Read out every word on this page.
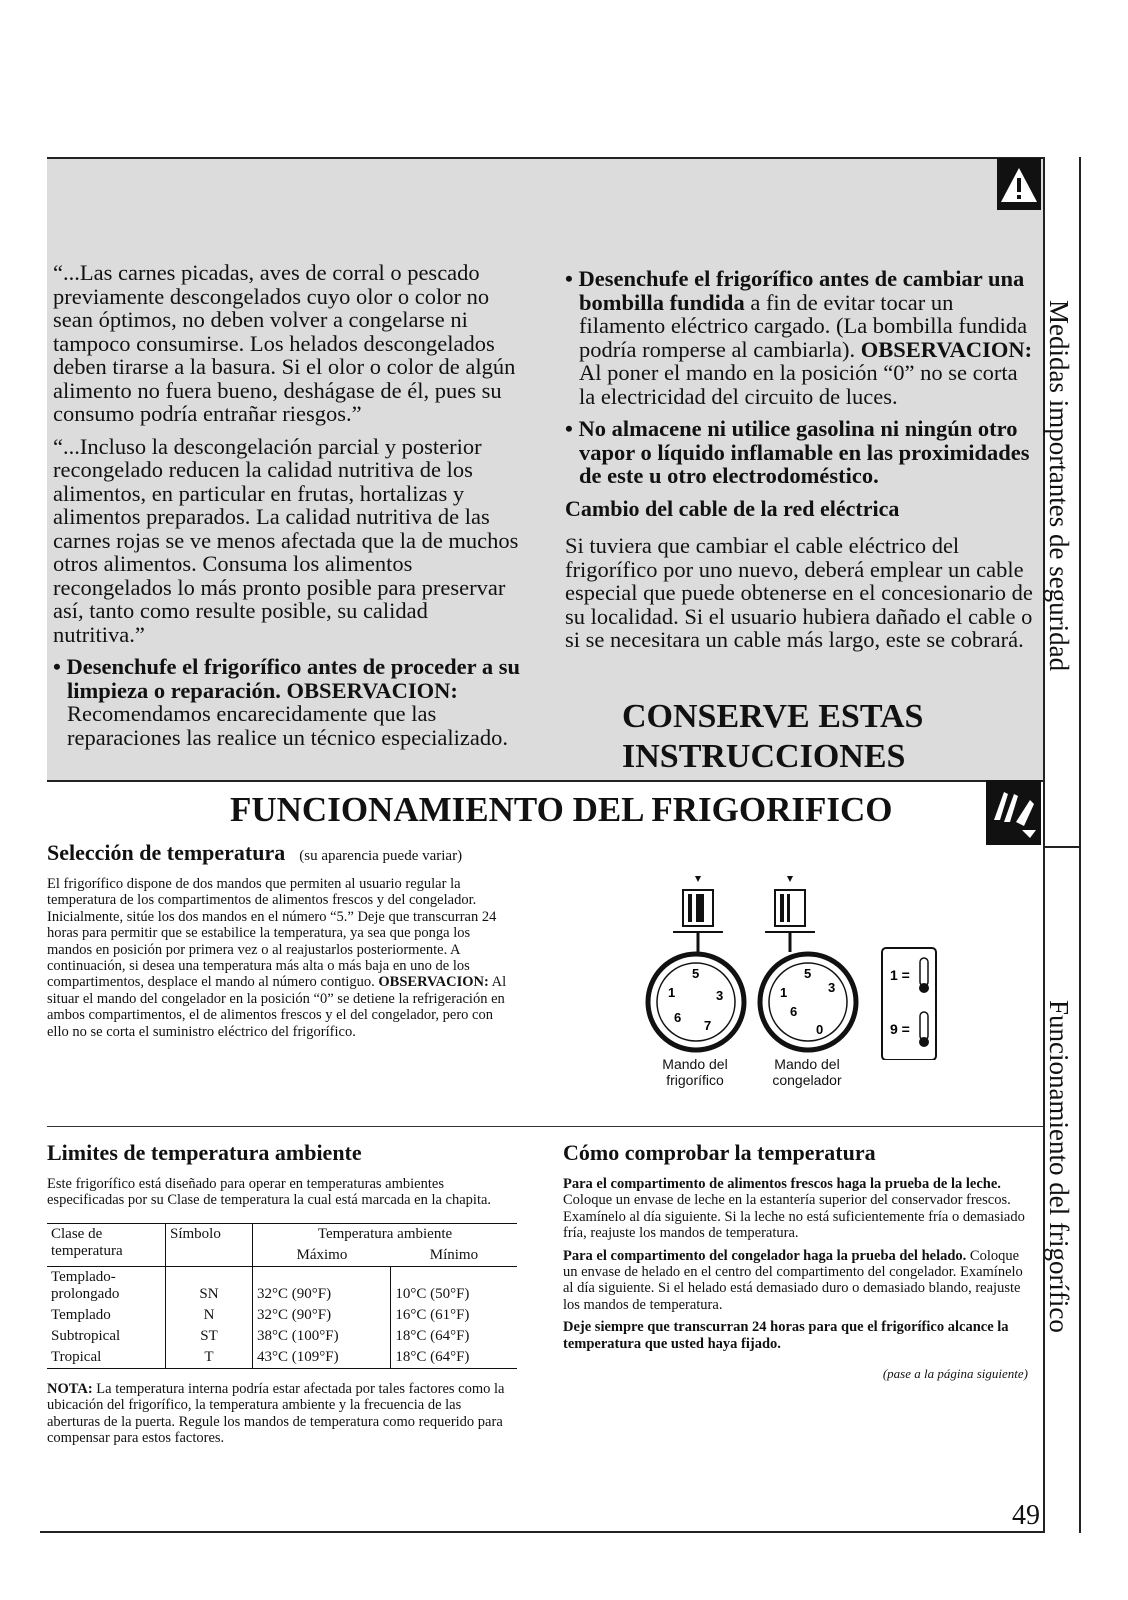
“...Las carnes picadas, aves de corral o pescado previamente descongelados cuyo olor o color no sean óptimos, no deben volver a congelarse ni tampoco consumirse. Los helados descongelados deben tirarse a la basura. Si el olor o color de algún alimento no fuera bueno, deshágase de él, pues su consumo podría entrañar riesgos.”

“...Incluso la descongelación parcial y posterior recongelado reducen la calidad nutritiva de los alimentos, en particular en frutas, hortalizas y alimentos preparados. La calidad nutritiva de las carnes rojas se ve menos afectada que la de muchos otros alimentos. Consuma los alimentos recongelados lo más pronto posible para preservar así, tanto como resulte posible, su calidad nutritiva.”

• Desenchufe el frigorífico antes de proceder a su limpieza o reparación. OBSERVACION: Recomendamos encarecidamente que las reparaciones las realice un técnico especializado.

• Desenchufe el frigorífico antes de cambiar una bombilla fundida a fin de evitar tocar un filamento eléctrico cargado. (La bombilla fundida podría romperse al cambiarla). OBSERVACION: Al poner el mando en la posición “0” no se corta la electricidad del circuito de luces.

• No almacene ni utilice gasolina ni ningún otro vapor o líquido inflamable en las proximidades de este u otro electrodoméstico.

Cambio del cable de la red eléctrica

Si tuviera que cambiar el cable eléctrico del frigorífico por uno nuevo, deberá emplear un cable especial que puede obtenerse en el concesionario de su localidad. Si el usuario hubiera dañado el cable o si se necesitara un cable más largo, este se cobrará.

CONSERVE ESTAS
INSTRUCCIONES
Medidas importantes de seguridad
Funcionamiento del frigorífico
FUNCIONAMIENTO DEL FRIGORIFICO
Selección de temperatura (su aparencia puede variar)
El frigorífico dispone de dos mandos que permiten al usuario regular la temperatura de los compartimentos de alimentos frescos y del congelador. Inicialmente, sitúe los dos mandos en el número “5.” Deje que transcurran 24 horas para permitir que se estabilice la temperatura, ya sea que ponga los mandos en posición por primera vez o al reajustarlos posteriormente. A continuación, si desea una temperatura más alta o más baja en uno de los compartimentos, desplace el mando al número contiguo. OBSERVACION: Al situar el mando del congelador en la posición “0” se detiene la refrigeración en ambos compartimentos, el de alimentos frescos y el del congelador, pero con ello no se corta el suministro eléctrico del frigorífico.
1
5
3
6
7
1
5
3
6
0
1 =
9 =
Mando del
frigorífico
Mando del
congelador
Limites de temperatura ambiente
Este frigorífico está diseñado para operar en temperaturas ambientes especificadas por su Clase de temperatura la cual está marcada en la chapita.
Clase de temperatura	Símbolo	Temperatura ambiente	
		Máximo	Mínimo
Templado-prolongado	SN	32°C (90°F)	10°C (50°F)
Templado	N	32°C (90°F)	16°C (61°F)
Subtropical	ST	38°C (100°F)	18°C (64°F)
Tropical	T	43°C (109°F)	18°C (64°F)
NOTA: La temperatura interna podría estar afectada por tales factores como la ubicación del frigorífico, la temperatura ambiente y la frecuencia de las aberturas de la puerta. Regule los mandos de temperatura como requerido para compensar para estos factores.
Cómo comprobar la temperatura

Para el compartimento de alimentos frescos haga la prueba de la leche. Coloque un envase de leche en la estantería superior del conservador frescos. Examínelo al día siguiente. Si la leche no está suficientemente fría o demasiado fría, reajuste los mandos de temperatura.

Para el compartimento del congelador haga la prueba del helado. Coloque un envase de helado en el centro del compartimento del congelador. Examínelo al día siguiente. Si el helado está demasiado duro o demasiado blando, reajuste los mandos de temperatura.

Deje siempre que transcurran 24 horas para que el frigorífico alcance la temperatura que usted haya fijado.

(pase a la página siguiente)
49
